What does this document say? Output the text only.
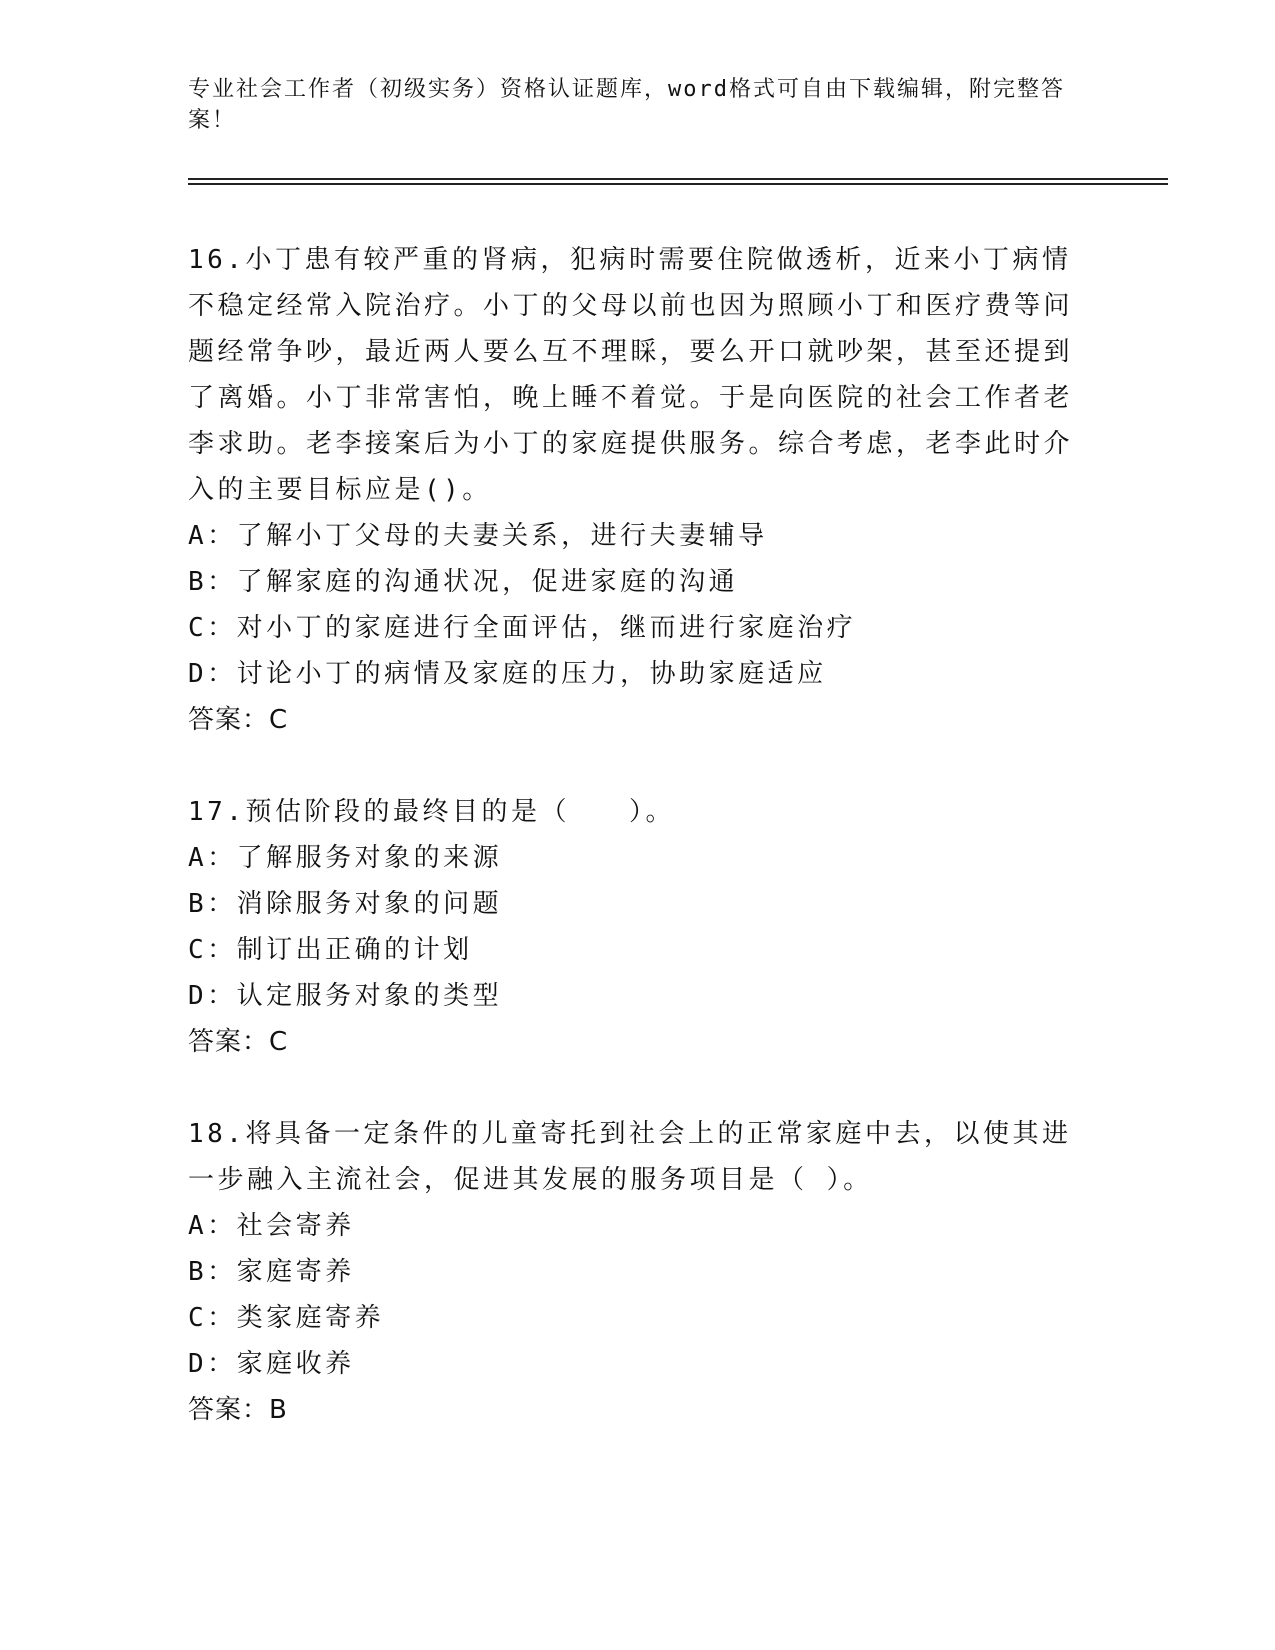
专业社会工作者（初级实务）资格认证题库，word格式可自由下载编辑，附完整答案！

16.小丁患有较严重的肾病，犯病时需要住院做透析，近来小丁病情不稳定经常入院治疗。小丁的父母以前也因为照顾小丁和医疗费等问题经常争吵，最近两人要么互不理睬，要么开口就吵架，甚至还提到了离婚。小丁非常害怕，晚上睡不着觉。于是向医院的社会工作者老李求助。老李接案后为小丁的家庭提供服务。综合考虑，老李此时介入的主要目标应是()。

A：了解小丁父母的夫妻关系，进行夫妻辅导

B：了解家庭的沟通状况，促进家庭的沟通

C：对小丁的家庭进行全面评估，继而进行家庭治疗

D：讨论小丁的病情及家庭的压力，协助家庭适应

答案：C

17.预估阶段的最终目的是（　　）。

A：了解服务对象的来源

B：消除服务对象的问题

C：制订出正确的计划

D：认定服务对象的类型

答案：C

18.将具备一定条件的儿童寄托到社会上的正常家庭中去，以使其进一步融入主流社会，促进其发展的服务项目是（ ）。

A：社会寄养

B：家庭寄养

C：类家庭寄养

D：家庭收养

答案：B
